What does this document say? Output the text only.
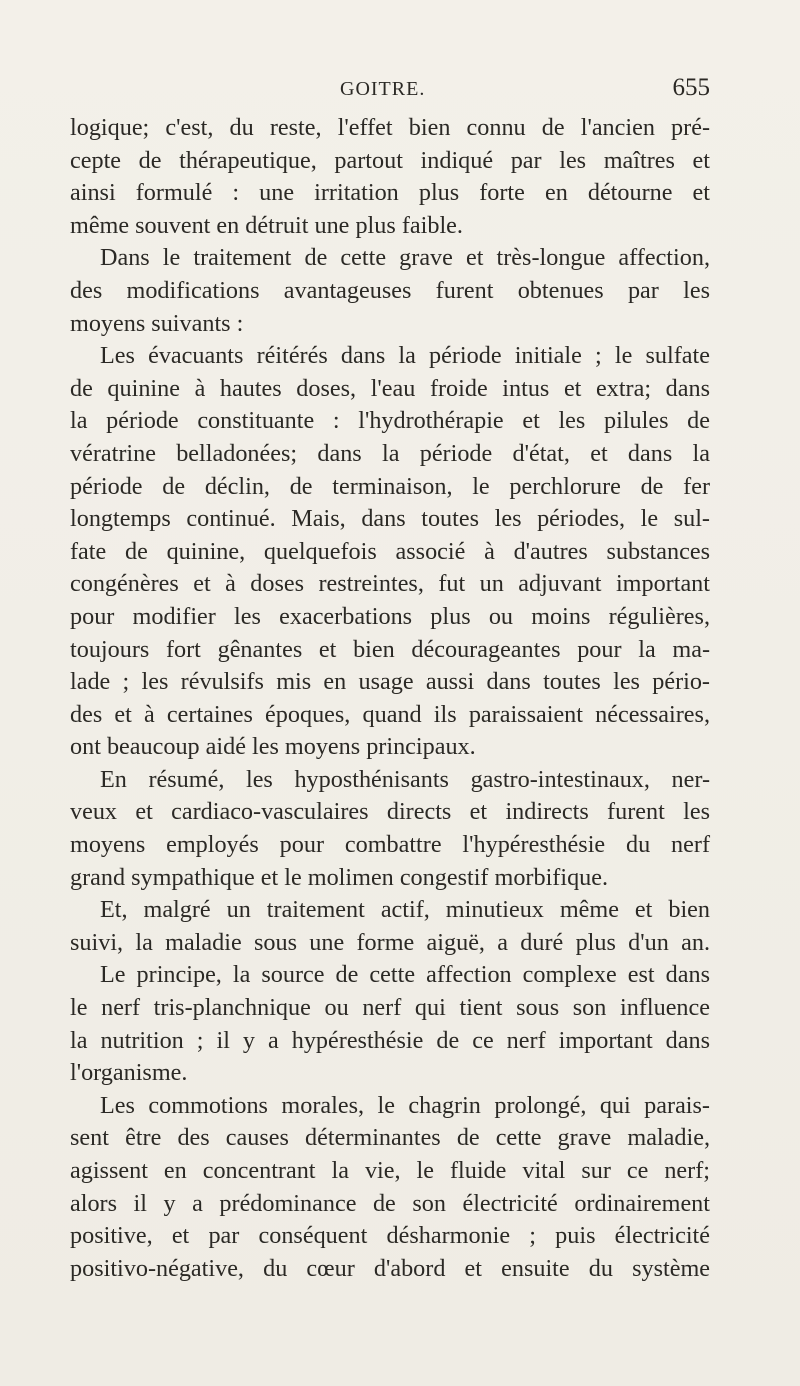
GOITRE.	655
logique; c'est, du reste, l'effet bien connu de l'ancien pré-
cepte de thérapeutique, partout indiqué par les maîtres et
ainsi formulé : une irritation plus forte en détourne et
même souvent en détruit une plus faible.
Dans le traitement de cette grave et très-longue affection,
des modifications avantageuses furent obtenues par les
moyens suivants :
Les évacuants réitérés dans la période initiale ; le sulfate
de quinine à hautes doses, l'eau froide intus et extra; dans
la période constituante : l'hydrothérapie et les pilules de
vératrine belladonées; dans la période d'état, et dans la
période de déclin, de terminaison, le perchlorure de fer
longtemps continué. Mais, dans toutes les périodes, le sul-
fate de quinine, quelquefois associé à d'autres substances
congénères et à doses restreintes, fut un adjuvant important
pour modifier les exacerbations plus ou moins régulières,
toujours fort gênantes et bien décourageantes pour la ma-
lade ; les révulsifs mis en usage aussi dans toutes les pério-
des et à certaines époques, quand ils paraissaient nécessaires,
ont beaucoup aidé les moyens principaux.
En résumé, les hyposthénisants gastro-intestinaux, ner-
veux et cardiaco-vasculaires directs et indirects furent les
moyens employés pour combattre l'hypéresthésie du nerf
grand sympathique et le molimen congestif morbifique.
Et, malgré un traitement actif, minutieux même et bien
suivi, la maladie sous une forme aiguë, a duré plus d'un an.
Le principe, la source de cette affection complexe est dans
le nerf tris-planchnique ou nerf qui tient sous son influence
la nutrition ; il y a hypéresthésie de ce nerf important dans
l'organisme.
Les commotions morales, le chagrin prolongé, qui parais-
sent être des causes déterminantes de cette grave maladie,
agissent en concentrant la vie, le fluide vital sur ce nerf;
alors il y a prédominance de son électricité ordinairement
positive, et par conséquent désharmonie ; puis électricité
positivo-négative, du cœur d'abord et ensuite du système
